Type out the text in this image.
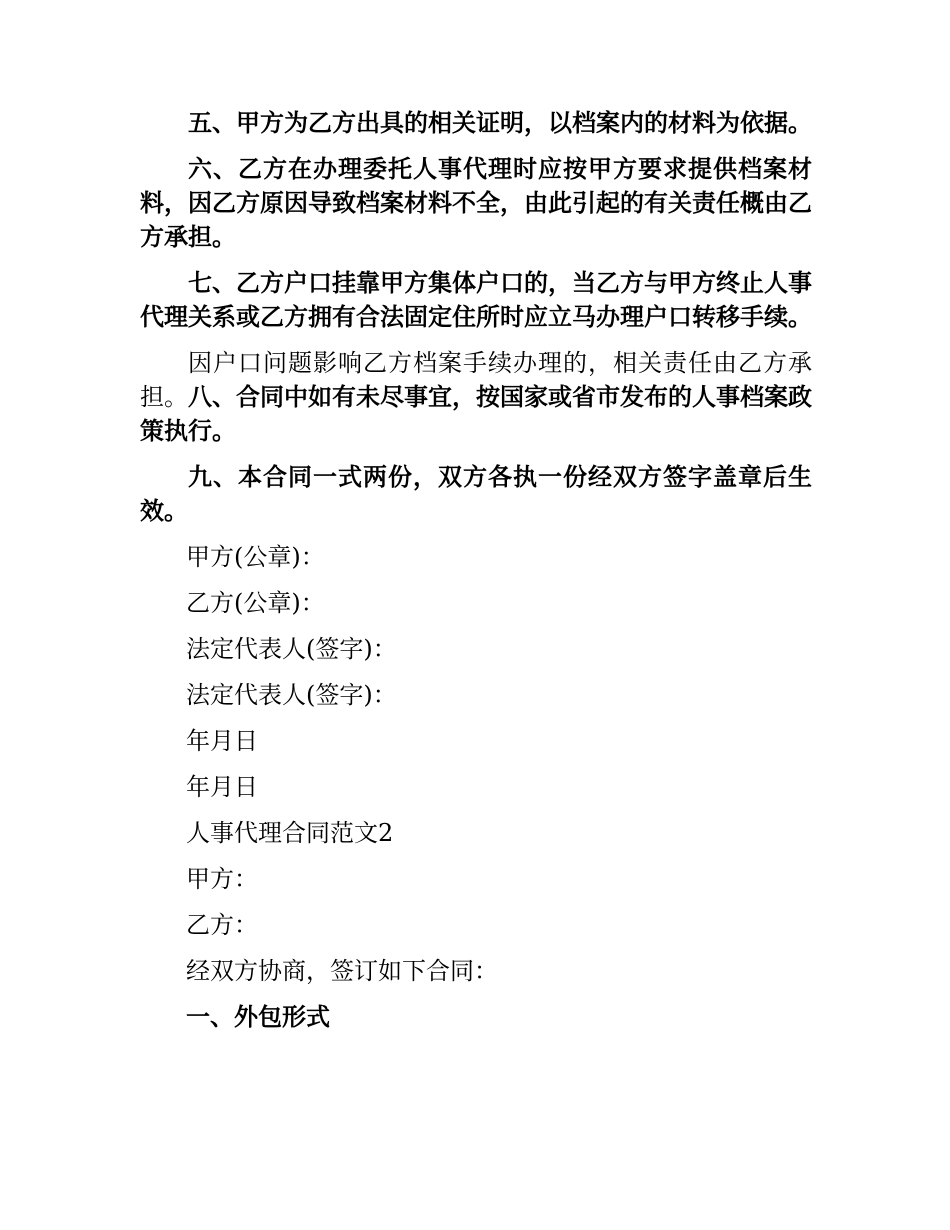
五、甲方为乙方出具的相关证明，以档案内的材料为依据。

六、乙方在办理委托人事代理时应按甲方要求提供档案材料，因乙方原因导致档案材料不全，由此引起的有关责任概由乙方承担。

七、乙方户口挂靠甲方集体户口的，当乙方与甲方终止人事代理关系或乙方拥有合法固定住所时应立马办理户口转移手续。

因户口问题影响乙方档案手续办理的，相关责任由乙方承担。八、合同中如有未尽事宜，按国家或省市发布的人事档案政策执行。

九、本合同一式两份，双方各执一份经双方签字盖章后生效。

甲方(公章)：
乙方(公章)：
法定代表人(签字)：
法定代表人(签字)：
年月日
年月日
人事代理合同范文2
甲方：
乙方：
经双方协商，签订如下合同：
一、外包形式
